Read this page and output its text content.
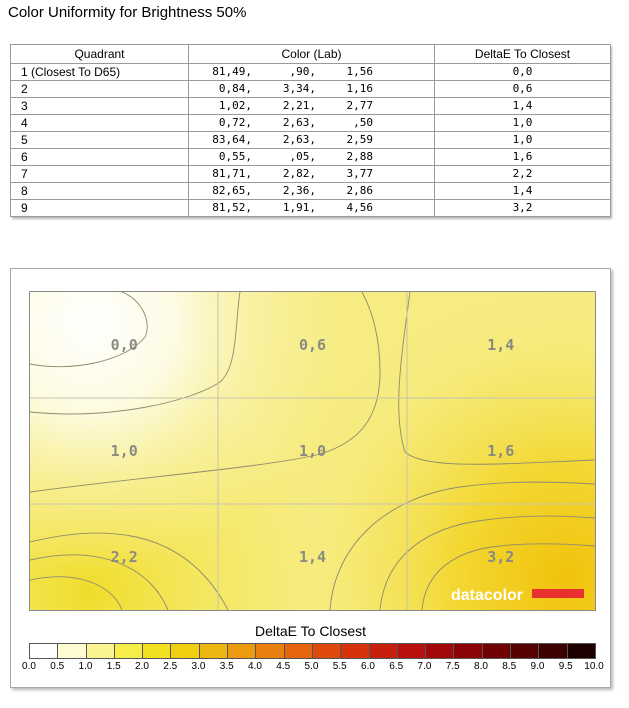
Color Uniformity for Brightness 50%
Quadrant	Color (Lab)	DeltaE To Closest
1 (Closest To D65)	81,49, ,90, 1,56	0,0
2	0,84, 3,34, 1,16	0,6
3	1,02, 2,21, 2,77	1,4
4	0,72, 2,63, ,50	1,0
5	83,64, 2,63, 2,59	1,0
6	0,55, ,05, 2,88	1,6
7	81,71, 2,82, 3,77	2,2
8	82,65, 2,36, 2,86	1,4
9	81,52, 1,91, 4,56	3,2
0,0	0,6	1,4
1,0	1,0	1,6
2,2	1,4	3,2
datacolor
DeltaE To Closest
0.0	0.5	1.0	1.5	2.0	2.5	3.0	3.5	4.0	4.5	5.0	5.5	6.0	6.5	7.0	7.5	8.0	8.5	9.0	9.5	10.0
